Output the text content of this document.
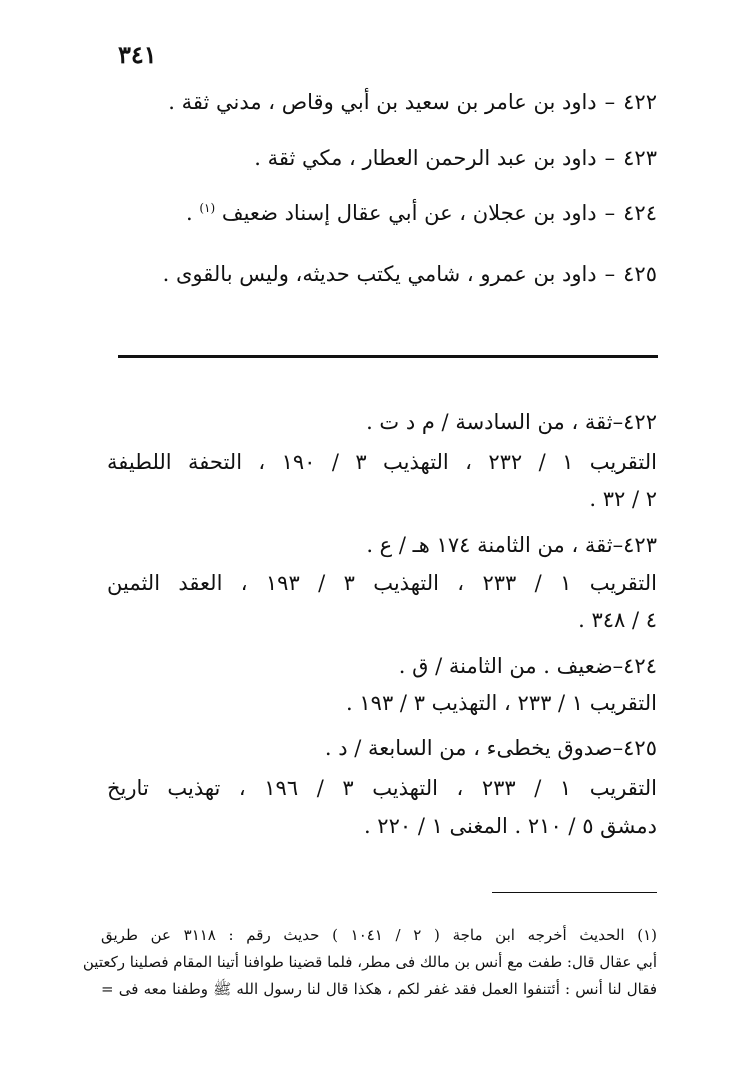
٣٤١
٤٢٢–داود بن عامر بن سعيد بن أبي وقاص ، مدني ثقة .
٤٢٣–داود بن عبد الرحمن العطار ، مكي ثقة .
٤٢٤–داود بن عجلان ، عن أبي عقال إسناد ضعيف $^{(١)}$ .
٤٢٥–داود بن عمرو ، شامي يكتب حديثه، وليس بالقوى .
٤٢٢–ثقة ، من السادسة / م د ت .
التقريب ١ / ٢٣٢ ، التهذيب ٣ / ١٩٠ ، التحفة اللطيفة
٢ / ٣٢ .
٤٢٣–ثقة ، من الثامنة ١٧٤ هـ / ع .
التقريب ١ / ٢٣٣ ، التهذيب ٣ / ١٩٣ ، العقد الثمين
٤ / ٣٤٨ .
٤٢٤–ضعيف . من الثامنة / ق .
التقريب ١ / ٢٣٣ ، التهذيب ٣ / ١٩٣ .
٤٢٥–صدوق يخطىء ، من السابعة / د .
التقريب ١ / ٢٣٣ ، التهذيب ٣ / ١٩٦ ، تهذيب تاريخ
دمشق ٥ / ٢١٠ . المغنى ١ / ٢٢٠ .
(١) الحديث أخرجه ابن ماجة ( ٢ / ١٠٤١ ) حديث رقم : ٣١١٨ عن طريق
أبي عقال قال: طفت مع أنس بن مالك فى مطر، فلما قضينا طوافنا أتينا المقام فصلينا ركعتين
فقال لنا أنس : أئتنفوا العمل فقد غفر لكم ، هكذا قال لنا رسول الله ﷺ وطفنا معه فى =
